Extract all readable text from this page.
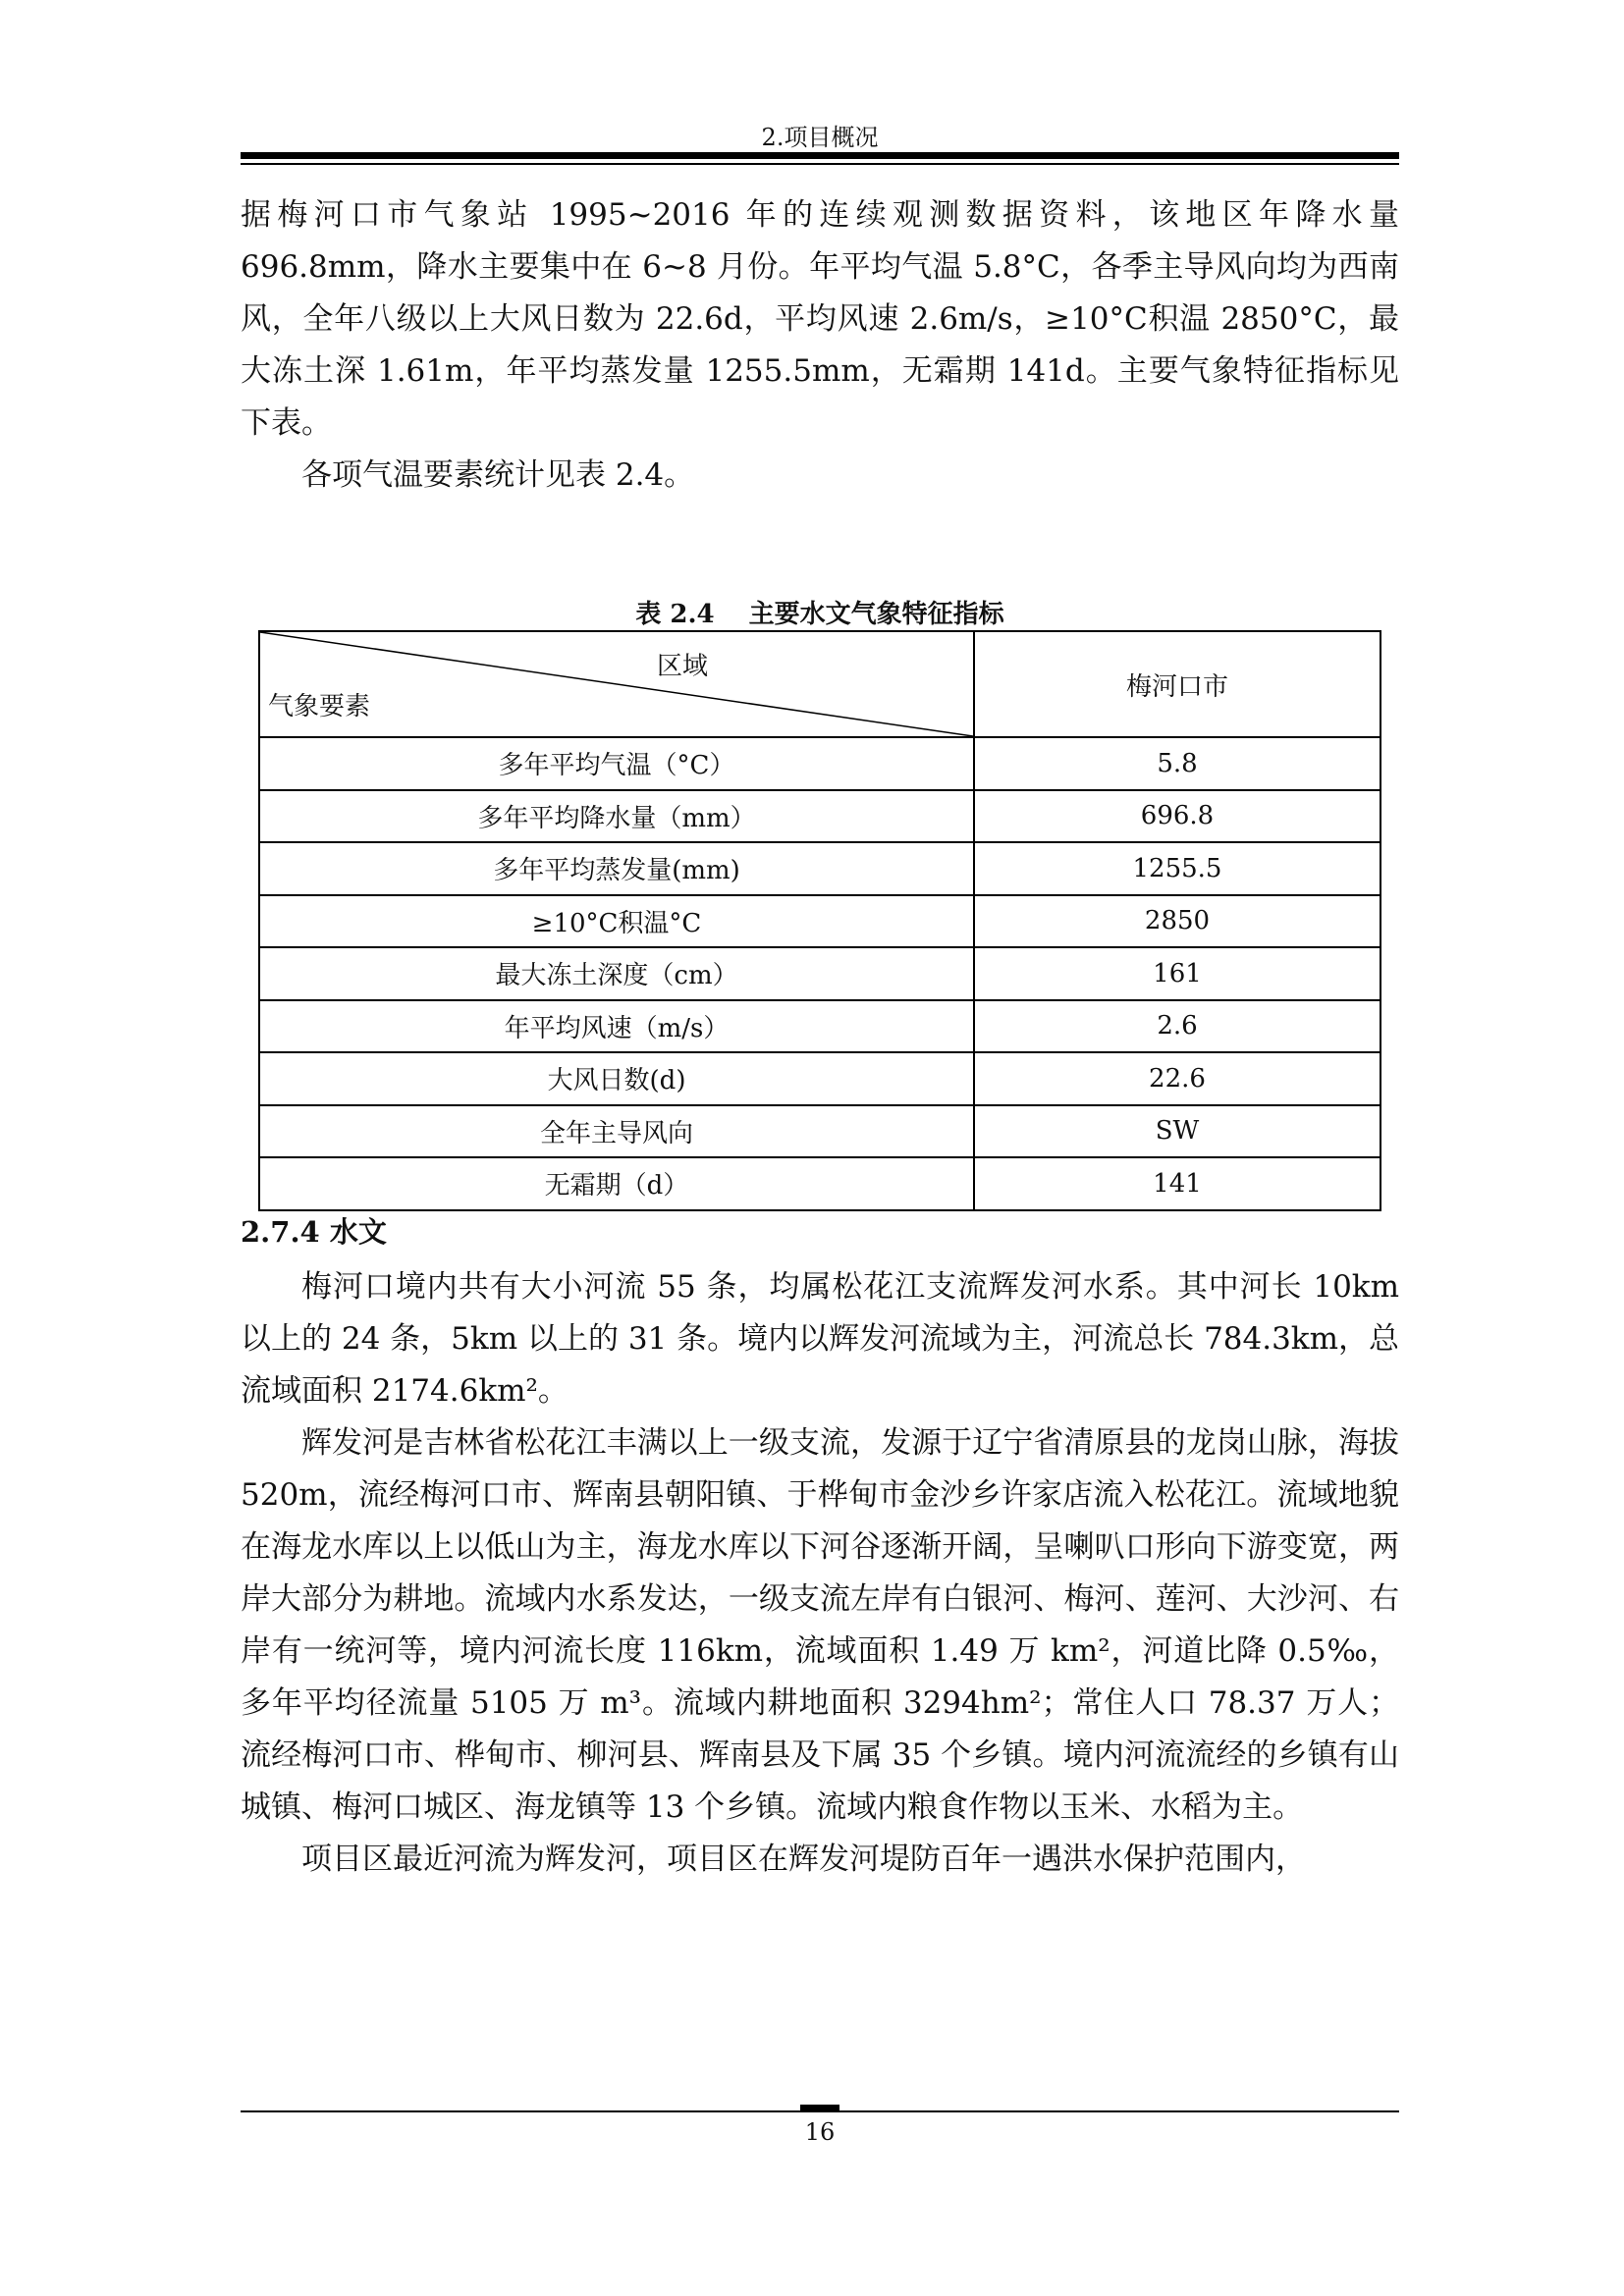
2.项目概况

据梅河口市气象站 1995~2016 年的连续观测数据资料，该地区年降水量 696.8mm，降水主要集中在 6~8 月份。年平均气温 5.8°C，各季主导风向均为西南风，全年八级以上大风日数为 22.6d，平均风速 2.6m/s，≥10°C积温 2850°C，最大冻土深 1.61m，年平均蒸发量 1255.5mm，无霜期 141d。主要气象特征指标见下表。

各项气温要素统计见表 2.4。

表 2.4　 主要水文气象特征指标
区域
气象要素	梅河口市
多年平均气温（°C）	5.8
多年平均降水量（mm）	696.8
多年平均蒸发量(mm)	1255.5
≥10°C积温°C	2850
最大冻土深度（cm）	161
年平均风速（m/s）	2.6
大风日数(d)	22.6
全年主导风向	SW
无霜期（d）	141
2.7.4 水文

梅河口境内共有大小河流 55 条，均属松花江支流辉发河水系。其中河长 10km 以上的 24 条，5km 以上的 31 条。境内以辉发河流域为主，河流总长 784.3km，总流域面积 2174.6km²。

辉发河是吉林省松花江丰满以上一级支流，发源于辽宁省清原县的龙岗山脉，海拔 520m，流经梅河口市、辉南县朝阳镇、于桦甸市金沙乡许家店流入松花江。流域地貌在海龙水库以上以低山为主，海龙水库以下河谷逐渐开阔，呈喇叭口形向下游变宽，两岸大部分为耕地。流域内水系发达，一级支流左岸有白银河、梅河、莲河、大沙河、右岸有一统河等，境内河流长度 116km，流域面积 1.49 万 km²，河道比降 0.5‰，多年平均径流量 5105 万 m³。流域内耕地面积 3294hm²；常住人口 78.37 万人；流经梅河口市、桦甸市、柳河县、辉南县及下属 35 个乡镇。境内河流流经的乡镇有山城镇、梅河口城区、海龙镇等 13 个乡镇。流域内粮食作物以玉米、水稻为主。

项目区最近河流为辉发河，项目区在辉发河堤防百年一遇洪水保护范围内，

16
